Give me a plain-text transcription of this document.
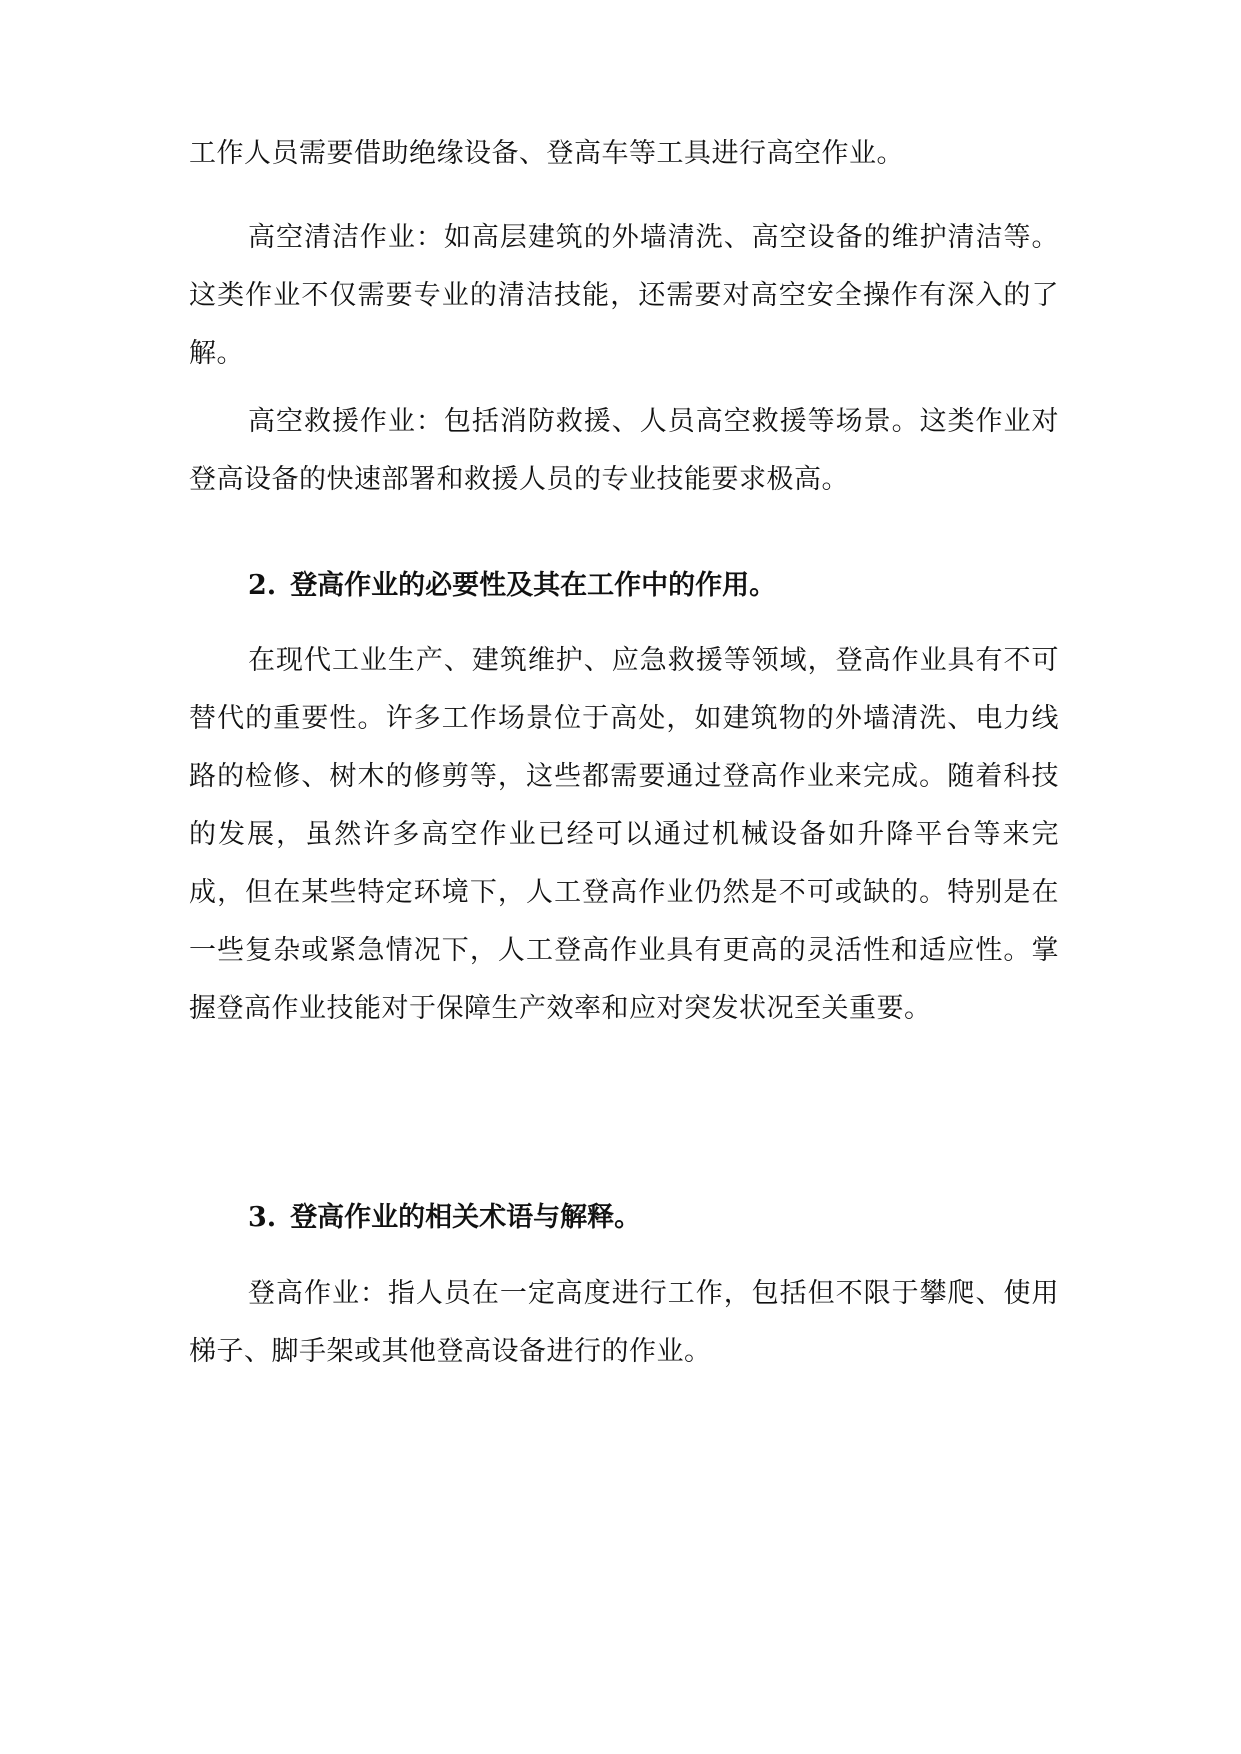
工作人员需要借助绝缘设备、登高车等工具进行高空作业。

高空清洁作业：如高层建筑的外墙清洗、高空设备的维护清洁等。这类作业不仅需要专业的清洁技能，还需要对高空安全操作有深入的了解。

高空救援作业：包括消防救援、人员高空救援等场景。这类作业对登高设备的快速部署和救援人员的专业技能要求极高。

2. 登高作业的必要性及其在工作中的作用。

在现代工业生产、建筑维护、应急救援等领域，登高作业具有不可替代的重要性。许多工作场景位于高处，如建筑物的外墙清洗、电力线路的检修、树木的修剪等，这些都需要通过登高作业来完成。随着科技的发展，虽然许多高空作业已经可以通过机械设备如升降平台等来完成，但在某些特定环境下，人工登高作业仍然是不可或缺的。特别是在一些复杂或紧急情况下，人工登高作业具有更高的灵活性和适应性。掌握登高作业技能对于保障生产效率和应对突发状况至关重要。

3. 登高作业的相关术语与解释。

登高作业：指人员在一定高度进行工作，包括但不限于攀爬、使用梯子、脚手架或其他登高设备进行的作业。
